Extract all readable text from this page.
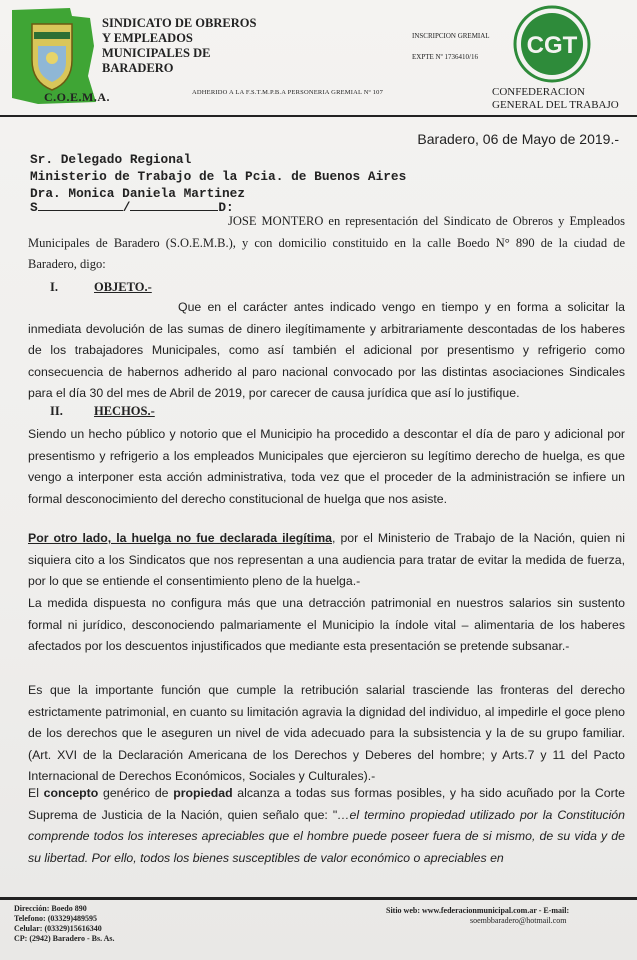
SINDICATO DE OBREROS
Y EMPLEADOS
MUNICIPALES DE
BARADERO
C.O.E.M.A.	ADHERIDO A LA F.S.T.M.P.B.A PERSONERIA GREMIAL Nº 107
INSCRIPCION GREMIAL
EXPTE Nº 1736410/16 CGT
CONFEDERACION
GENERAL DEL TRABAJO
Baradero, 06 de Mayo de 2019.-
Sr. Delegado Regional
Ministerio de Trabajo de la Pcia. de Buenos Aires
Dra. Monica Daniela Martinez
S	/	D:
JOSE MONTERO en representación del Sindicato de Obreros y Empleados Municipales de Baradero (S.O.E.M.B.), y con domicilio constituido en la calle Boedo N° 890 de la ciudad de Baradero, digo:
I.	OBJETO.-
Que en el carácter antes indicado vengo en tiempo y en forma a solicitar la inmediata devolución de las sumas de dinero ilegítimamente y arbitrariamente descontadas de los haberes de los trabajadores Municipales, como así también el adicional por presentismo y refrigerio como consecuencia de habernos adherido al paro nacional convocado por las distintas asociaciones Sindicales para el día 30 del mes de Abril de 2019, por carecer de causa jurídica que así lo justifique.
II. HECHOS.-
Siendo un hecho público y notorio que el Municipio ha procedido a descontar el día de paro y adicional por presentismo y refrigerio a los empleados Municipales que ejercieron su legítimo derecho de huelga, es que vengo a interponer esta acción administrativa, toda vez que el proceder de la administración se infiere un formal desconocimiento del derecho constitucional de huelga que nos asiste.
Por otro lado, la huelga no fue declarada ilegítima, por el Ministerio de Trabajo de la Nación, quien ni siquiera cito a los Sindicatos que nos representan a una audiencia para tratar de evitar la medida de fuerza, por lo que se entiende el consentimiento pleno de la huelga.-
La medida dispuesta no configura más que una detracción patrimonial en nuestros salarios sin sustento formal ni jurídico, desconociendo palmariamente el Municipio la índole vital – alimentaria de los haberes afectados por los descuentos injustificados que mediante esta presentación se pretende subsanar.-
Es que la importante función que cumple la retribución salarial trasciende las fronteras del derecho estrictamente patrimonial, en cuanto su limitación agravia la dignidad del individuo, al impedirle el goce pleno de los derechos que le aseguren un nivel de vida adecuado para la subsistencia y la de su grupo familiar. (Art. XVI de la Declaración Americana de los Derechos y Deberes del hombre; y Arts.7 y 11 del Pacto Internacional de Derechos Económicos, Sociales y Culturales).-
El concepto genérico de propiedad alcanza a todas sus formas posibles, y ha sido acuñado por la Corte Suprema de Justicia de la Nación, quien señalo que: "…el termino propiedad utilizado por la Constitución comprende todos los intereses apreciables que el hombre puede poseer fuera de si mismo, de su vida y de su libertad. Por ello, todos los bienes susceptibles de valor económico o apreciables en
Dirección: Boedo 890
Telefono: (03329)489595
Celular: (03329)15616340
CP: (2942) Baradero - Bs. As.
Sitio web: www.federacionmunicipal.com.ar - E-mail:
soembbaradero@hotmail.com
